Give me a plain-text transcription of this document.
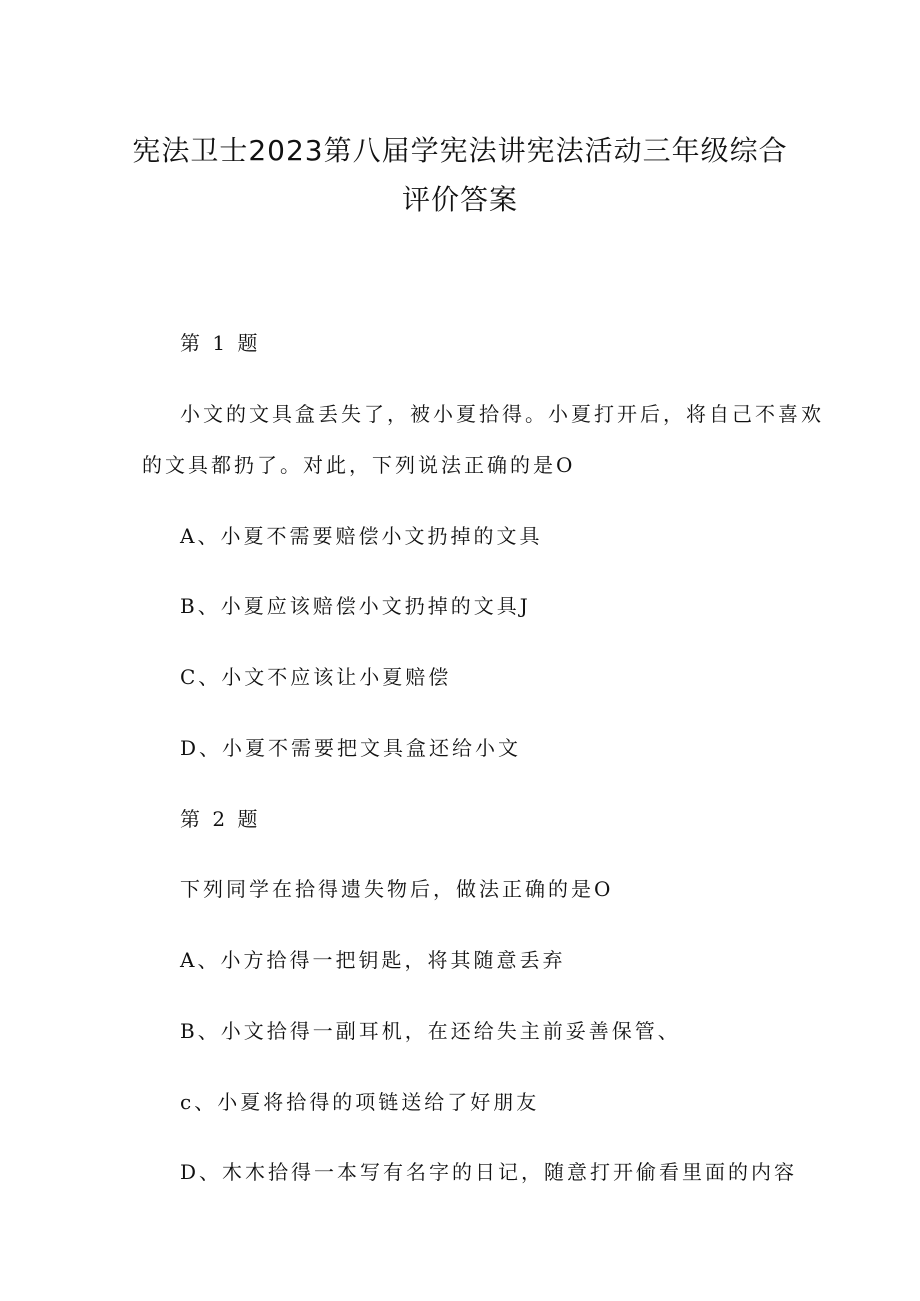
宪法卫士2023第八届学宪法讲宪法活动三年级综合
评价答案
第 1 题
小文的文具盒丢失了，被小夏拾得。小夏打开后，将自己不喜欢
的文具都扔了。对此，下列说法正确的是O
A、小夏不需要赔偿小文扔掉的文具
B、小夏应该赔偿小文扔掉的文具J
C、小文不应该让小夏赔偿
D、小夏不需要把文具盒还给小文
第 2 题
下列同学在拾得遗失物后，做法正确的是O
A、小方拾得一把钥匙，将其随意丢弃
B、小文拾得一副耳机，在还给失主前妥善保管、
c、小夏将拾得的项链送给了好朋友
D、木木拾得一本写有名字的日记，随意打开偷看里面的内容
